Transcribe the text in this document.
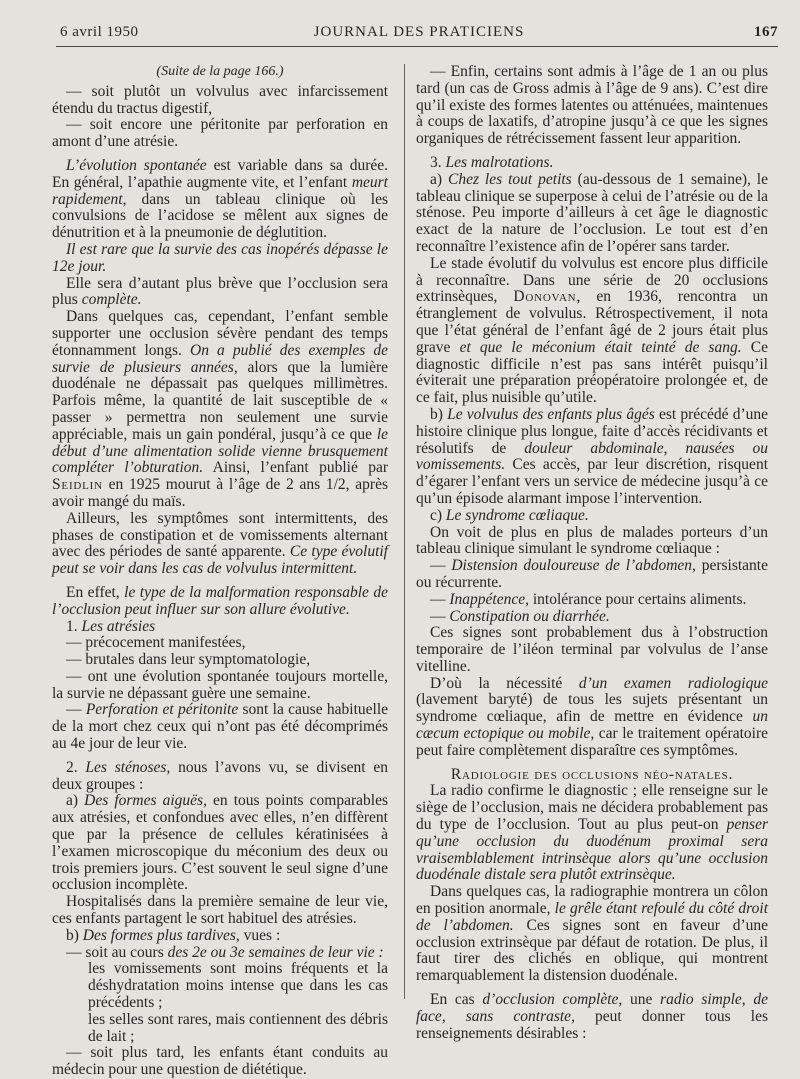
6 avril 1950	JOURNAL DES PRATICIENS	167

(Suite de la page 166.)

— soit plutôt un volvulus avec infarcissement étendu du tractus digestif,

— soit encore une péritonite par perforation en amont d’une atrésie.

L’évolution spontanée est variable dans sa durée. En général, l’apathie augmente vite, et l’enfant meurt rapidement, dans un tableau clinique où les convulsions de l’acidose se mêlent aux signes de dénutrition et à la pneumonie de déglutition.

Il est rare que la survie des cas inopérés dépasse le 12e jour.

Elle sera d’autant plus brève que l’occlusion sera plus complète.

Dans quelques cas, cependant, l’enfant semble supporter une occlusion sévère pendant des temps étonnamment longs. On a publié des exemples de survie de plusieurs années, alors que la lumière duodénale ne dépassait pas quelques millimètres. Parfois même, la quantité de lait susceptible de « passer » permettra non seulement une survie appréciable, mais un gain pondéral, jusqu’à ce que le début d’une alimentation solide vienne brusquement compléter l’obturation. Ainsi, l’enfant publié par Seidlin en 1925 mourut à l’âge de 2 ans 1/2, après avoir mangé du maïs.

Ailleurs, les symptômes sont intermittents, des phases de constipation et de vomissements alternant avec des périodes de santé apparente. Ce type évolutif peut se voir dans les cas de volvulus intermittent.

En effet, le type de la malformation responsable de l’occlusion peut influer sur son allure évolutive.

1. Les atrésies

— précocement manifestées,

— brutales dans leur symptomatologie,

— ont une évolution spontanée toujours mortelle, la survie ne dépassant guère une semaine.

— Perforation et péritonite sont la cause habituelle de la mort chez ceux qui n’ont pas été décomprimés au 4e jour de leur vie.

2. Les sténoses, nous l’avons vu, se divisent en deux groupes :

a) Des formes aiguës, en tous points comparables aux atrésies, et confondues avec elles, n’en diffèrent que par la présence de cellules kératinisées à l’examen microscopique du méconium des deux ou trois premiers jours. C’est souvent le seul signe d’une occlusion incomplète.

Hospitalisés dans la première semaine de leur vie, ces enfants partagent le sort habituel des atrésies.

b) Des formes plus tardives, vues :

— soit au cours des 2e ou 3e semaines de leur vie :

les vomissements sont moins fréquents et la déshydratation moins intense que dans les cas précédents ;

les selles sont rares, mais contiennent des débris de lait ;

— soit plus tard, les enfants étant conduits au médecin pour une question de diététique.

— Enfin, certains sont admis à l’âge de 1 an ou plus tard (un cas de Gross admis à l’âge de 9 ans). C’est dire qu’il existe des formes latentes ou atténuées, maintenues à coups de laxatifs, d’atropine jusqu’à ce que les signes organiques de rétrécissement fassent leur apparition.

3. Les malrotations.

a) Chez les tout petits (au-dessous de 1 semaine), le tableau clinique se superpose à celui de l’atrésie ou de la sténose. Peu importe d’ailleurs à cet âge le diagnostic exact de la nature de l’occlusion. Le tout est d’en reconnaître l’existence afin de l’opérer sans tarder.

Le stade évolutif du volvulus est encore plus difficile à reconnaître. Dans une série de 20 occlusions extrinsèques, Donovan, en 1936, rencontra un étranglement de volvulus. Rétrospectivement, il nota que l’état général de l’enfant âgé de 2 jours était plus grave et que le méconium était teinté de sang. Ce diagnostic difficile n’est pas sans intérêt puisqu’il éviterait une préparation préopératoire prolongée et, de ce fait, plus nuisible qu’utile.

b) Le volvulus des enfants plus âgés est précédé d’une histoire clinique plus longue, faite d’accès récidivants et résolutifs de douleur abdominale, nausées ou vomissements. Ces accès, par leur discrétion, risquent d’égarer l’enfant vers un service de médecine jusqu’à ce qu’un épisode alarmant impose l’intervention.

c) Le syndrome cœliaque.

On voit de plus en plus de malades porteurs d’un tableau clinique simulant le syndrome cœliaque :

— Distension douloureuse de l’abdomen, persistante ou récurrente.

— Inappétence, intolérance pour certains aliments.

— Constipation ou diarrhée.

Ces signes sont probablement dus à l’obstruction temporaire de l’iléon terminal par volvulus de l’anse vitelline.

D’où la nécessité d’un examen radiologique (lavement baryté) de tous les sujets présentant un syndrome cœliaque, afin de mettre en évidence un cæcum ectopique ou mobile, car le traitement opératoire peut faire complètement disparaître ces symptômes.

Radiologie des occlusions néo-natales.

La radio confirme le diagnostic ; elle renseigne sur le siège de l’occlusion, mais ne décidera probablement pas du type de l’occlusion. Tout au plus peut-on penser qu’une occlusion du duodénum proximal sera vraisemblablement intrinsèque alors qu’une occlusion duodénale distale sera plutôt extrinsèque.

Dans quelques cas, la radiographie montrera un côlon en position anormale, le grêle étant refoulé du côté droit de l’abdomen. Ces signes sont en faveur d’une occlusion extrinsèque par défaut de rotation. De plus, il faut tirer des clichés en oblique, qui montrent remarquablement la distension duodénale.

En cas d’occlusion complète, une radio simple, de face, sans contraste, peut donner tous les renseignements désirables :
